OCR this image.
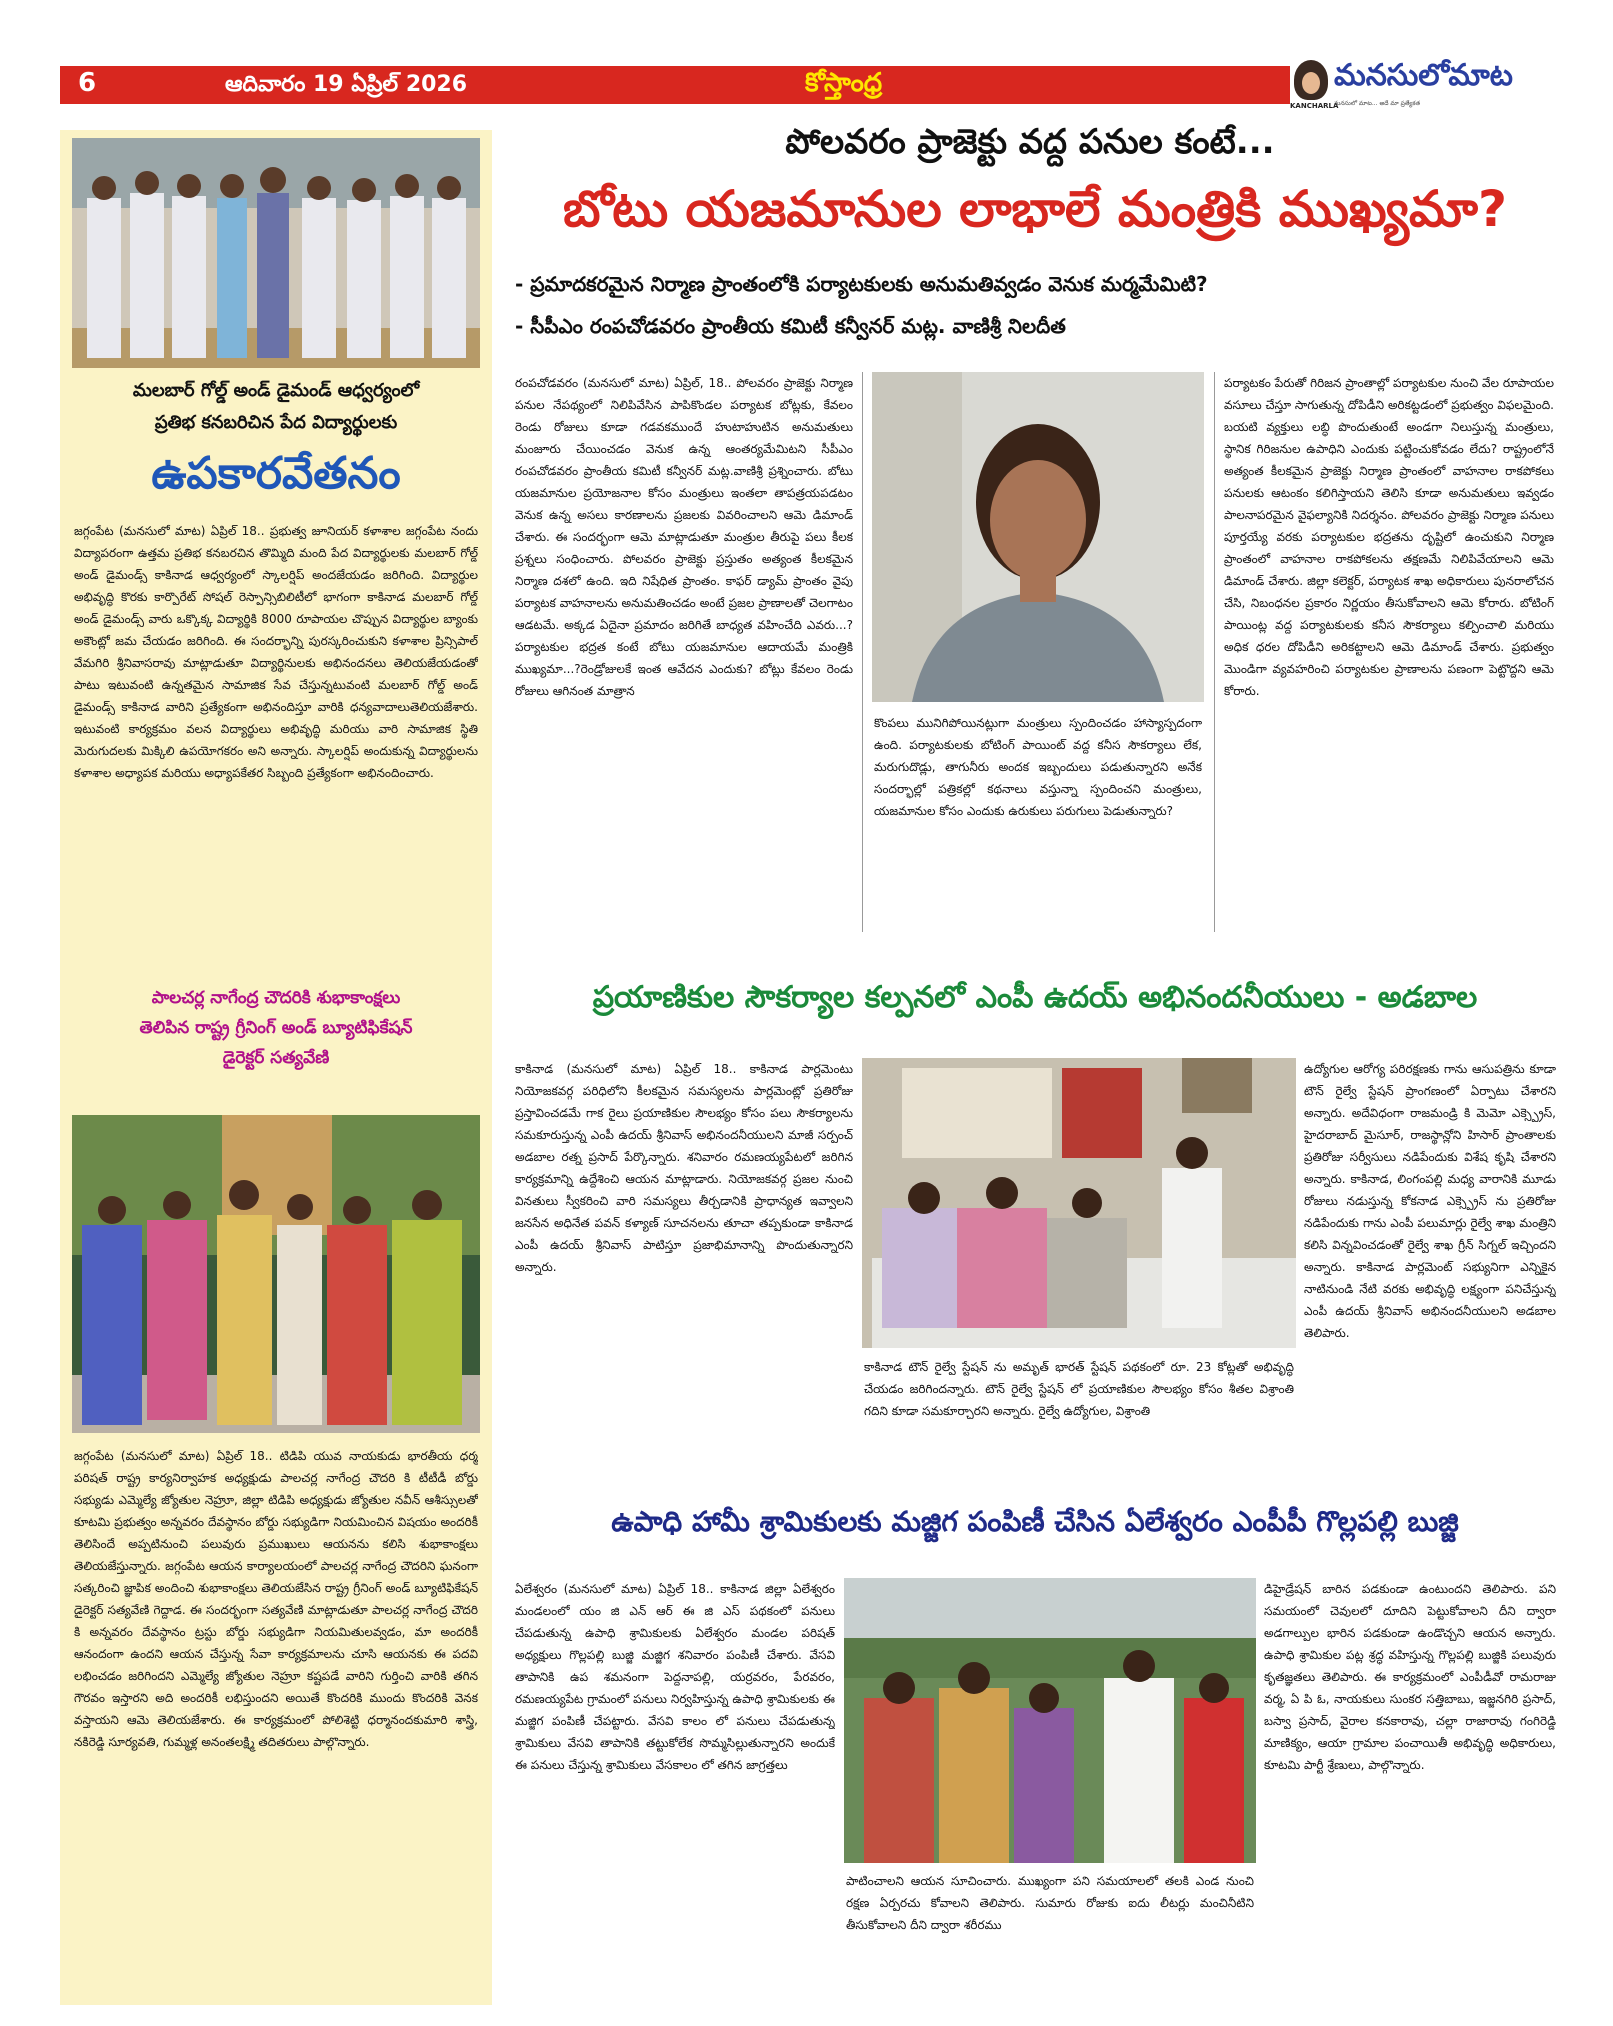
6	ఆదివారం 19 ఏప్రిల్ 2026	కోస్తాంధ్ర
KANCHARLA
మనసులోమాట
మనసులో మాట... అదే మా ప్రత్యేకత
మలబార్ గోల్డ్ అండ్ డైమండ్ ఆధ్వర్యంలో
ప్రతిభ కనబరిచిన పేద విద్యార్థులకు
ఉపకారవేతనం
జగ్గంపేట (మనసులో మాట) ఏప్రిల్ 18.. ప్రభుత్వ జూనియర్ కళాశాల జగ్గంపేట నందు విద్యాపరంగా ఉత్తమ ప్రతిభ కనబరచిన తొమ్మిది మంది పేద విద్యార్థులకు మలబార్ గోల్డ్ అండ్ డైమండ్స్ కాకినాడ ఆధ్వర్యంలో స్కాలర్షిప్ అందజేయడం జరిగింది. విద్యార్థుల అభివృద్ధి కొరకు కార్పొరేట్ సోషల్ రెస్పాన్సిబిలిటీలో భాగంగా కాకినాడ మలబార్ గోల్డ్ అండ్ డైమండ్స్ వారు ఒక్కొక్క విద్యార్థికి 8000 రూపాయల చొప్పున విద్యార్థుల బ్యాంకు అకౌంట్లో జమ చేయడం జరిగింది. ఈ సందర్భాన్ని పురస్కరించుకుని కళాశాల ప్రిన్సిపాల్ వేమగిరి శ్రీనివాసరావు మాట్లాడుతూ విద్యార్థినులకు అభినందనలు తెలియజేయడంతో పాటు ఇటువంటి ఉన్నతమైన సామాజిక సేవ చేస్తున్నటువంటి మలబార్ గోల్డ్ అండ్ డైమండ్స్ కాకినాడ వారిని ప్రత్యేకంగా అభినందిస్తూ వారికి ధన్యవాదాలుతెలియజేశారు. ఇటువంటి కార్యక్రమం వలన విద్యార్థులు అభివృద్ధి మరియు వారి సామాజిక స్థితి మెరుగుదలకు మిక్కిలి ఉపయోగకరం అని అన్నారు. స్కాలర్షిప్ అందుకున్న విద్యార్థులను కళాశాల అధ్యాపక మరియు అధ్యాపకేతర సిబ్బంది ప్రత్యేకంగా అభినందించారు.
పాలచర్ల నాగేంద్ర చౌదరికి శుభాకాంక్షలు
తెలిపిన రాష్ట్ర గ్రీనింగ్ అండ్ బ్యూటిఫికేషన్
డైరెక్టర్ సత్యవేణి
జగ్గంపేట (మనసులో మాట) ఏప్రిల్ 18.. టిడిపి యువ నాయకుడు భారతీయ ధర్మ పరిషత్ రాష్ట్ర కార్యనిర్వాహక అధ్యక్షుడు పాలచర్ల నాగేంద్ర చౌదరి కి టీటీడీ బోర్డు సభ్యుడు ఎమ్మెల్యే జ్యోతుల నెహ్రూ, జిల్లా టిడిపి అధ్యక్షుడు జ్యోతుల నవీన్ ఆశీస్సులతో కూటమి ప్రభుత్వం అన్నవరం దేవస్థానం బోర్డు సభ్యుడిగా నియమించిన విషయం అందరికీ తెలిసిందే అప్పటినుంచి పలువురు ప్రముఖులు ఆయనను కలిసి శుభాకాంక్షలు తెలియజేస్తున్నారు. జగ్గంపేట ఆయన కార్యాలయంలో పాలచర్ల నాగేంద్ర చౌదరిని ఘనంగా సత్కరించి జ్ఞాపిక అందించి శుభాకాంక్షలు తెలియజేసిన రాష్ట్ర గ్రీనింగ్ అండ్ బ్యూటిఫికేషన్ డైరెక్టర్ సత్యవేణి గెద్దాడ. ఈ సందర్భంగా సత్యవేణి మాట్లాడుతూ పాలచర్ల నాగేంద్ర చౌదరి కి అన్నవరం దేవస్థానం ట్రస్టు బోర్డు సభ్యుడిగా నియమితులవ్వడం, మా అందరికీ ఆనందంగా ఉందని ఆయన చేస్తున్న సేవా కార్యక్రమాలను చూసి ఆయనకు ఈ పదవి లభించడం జరిగిందని ఎమ్మెల్యే జ్యోతుల నెహ్రూ కష్టపడే వారిని గుర్తించి వారికి తగిన గౌరవం ఇస్తారని అది అందరికీ లభిస్తుందని అయితే కొందరికి ముందు కొందరికి వెనక వస్తాయని ఆమె తెలియజేశారు. ఈ కార్యక్రమంలో పోలిశెట్టి ధర్మానందకుమారి శాస్త్రి, నకిరెడ్డి సూర్యవతి, గుమ్మళ్ల అనంతలక్ష్మి తదితరులు పాల్గొన్నారు.
పోలవరం ప్రాజెక్టు వద్ద పనుల కంటే...
బోటు యజమానుల లాభాలే మంత్రికి ముఖ్యమా?
- ప్రమాదకరమైన నిర్మాణ ప్రాంతంలోకి పర్యాటకులకు అనుమతివ్వడం వెనుక మర్మమేమిటి?
- సీపీఎం రంపచోడవరం ప్రాంతీయ కమిటీ కన్వీనర్ మట్ల. వాణిశ్రీ నిలదీత
రంపచోడవరం (మనసులో మాట) ఏప్రిల్, 18.. పోలవరం ప్రాజెక్టు నిర్మాణ పనుల నేపథ్యంలో నిలిపివేసిన పాపికొండల పర్యాటక బోట్లకు, కేవలం రెండు రోజులు కూడా గడవకముందే హుటాహుటిన అనుమతులు మంజూరు చేయించడం వెనుక ఉన్న ఆంతర్యమేమిటని సీపీఎం రంపచోడవరం ప్రాంతీయ కమిటీ కన్వీనర్ మట్ల.వాణిశ్రీ ప్రశ్నించారు. బోటు యజమానుల ప్రయోజనాల కోసం మంత్రులు ఇంతలా తాపత్రయపడటం వెనుక ఉన్న అసలు కారణాలను ప్రజలకు వివరించాలని ఆమె డిమాండ్ చేశారు. ఈ సందర్భంగా ఆమె మాట్లాడుతూ మంత్రుల తీరుపై పలు కీలక ప్రశ్నలు సంధించారు. పోలవరం ప్రాజెక్టు ప్రస్తుతం అత్యంత కీలకమైన నిర్మాణ దశలో ఉంది. ఇది నిషేధిత ప్రాంతం. కాఫర్ డ్యామ్ ప్రాంతం వైపు పర్యాటక వాహనాలను అనుమతించడం అంటే ప్రజల ప్రాణాలతో చెలగాటం ఆడటమే. అక్కడ ఏదైనా ప్రమాదం జరిగితే బాధ్యత వహించేది ఎవరు...? పర్యాటకుల భద్రత కంటే బోటు యజమానుల ఆదాయమే మంత్రికి ముఖ్యమా...?రెండ్రోజులకే ఇంత ఆవేదన ఎందుకు? బోట్లు కేవలం రెండు రోజులు ఆగినంత మాత్రాన
కొంపలు మునిగిపోయినట్లుగా మంత్రులు స్పందించడం హాస్యాస్పదంగా ఉంది. పర్యాటకులకు బోటింగ్ పాయింట్ వద్ద కనీస సౌకర్యాలు లేక, మరుగుదొడ్లు, తాగునీరు అందక ఇబ్బందులు పడుతున్నారని అనేక సందర్భాల్లో పత్రికల్లో కథనాలు వస్తున్నా స్పందించని మంత్రులు, యజమానుల కోసం ఎందుకు ఉరుకులు పరుగులు పెడుతున్నారు?
పర్యాటకం పేరుతో గిరిజన ప్రాంతాల్లో పర్యాటకుల నుంచి వేల రూపాయల వసూలు చేస్తూ సాగుతున్న దోపిడీని అరికట్టడంలో ప్రభుత్వం విఫలమైంది. బయటి వ్యక్తులు లబ్ధి పొందుతుంటే అండగా నిలుస్తున్న మంత్రులు, స్థానిక గిరిజనుల ఉపాధిని ఎందుకు పట్టించుకోవడం లేదు? రాష్ట్రంలోనే అత్యంత కీలకమైన ప్రాజెక్టు నిర్మాణ ప్రాంతంలో వాహనాల రాకపోకలు పనులకు ఆటంకం కలిగిస్తాయని తెలిసి కూడా అనుమతులు ఇవ్వడం పాలనాపరమైన వైఫల్యానికి నిదర్శనం. పోలవరం ప్రాజెక్టు నిర్మాణ పనులు పూర్తయ్యే వరకు పర్యాటకుల భద్రతను దృష్టిలో ఉంచుకుని నిర్మాణ ప్రాంతంలో వాహనాల రాకపోకలను తక్షణమే నిలిపివేయాలని ఆమె డిమాండ్ చేశారు. జిల్లా కలెక్టర్, పర్యాటక శాఖ అధికారులు పునరాలోచన చేసి, నిబంధనల ప్రకారం నిర్ణయం తీసుకోవాలని ఆమె కోరారు. బోటింగ్ పాయింట్ల వద్ద పర్యాటకులకు కనీస సౌకర్యాలు కల్పించాలి మరియు అధిక ధరల దోపిడీని అరికట్టాలని ఆమె డిమాండ్ చేశారు. ప్రభుత్వం మొండిగా వ్యవహరించి పర్యాటకుల ప్రాణాలను పణంగా పెట్టొద్దని ఆమె కోరారు.
ప్రయాణికుల సౌకర్యాల కల్పనలో ఎంపీ ఉదయ్ అభినందనీయులు - అడబాల
కాకినాడ (మనసులో మాట) ఏప్రిల్ 18.. కాకినాడ పార్లమెంటు నియోజకవర్గ పరిధిలోని కీలకమైన సమస్యలను పార్లమెంట్లో ప్రతిరోజు ప్రస్తావించడమే గాక రైలు ప్రయాణికుల సౌలభ్యం కోసం పలు సౌకర్యాలను సమకూరుస్తున్న ఎంపీ ఉదయ్ శ్రీనివాస్ అభినందనీయులని మాజీ సర్పంచ్ అడబాల రత్న ప్రసాద్ పేర్కొన్నారు. శనివారం రమణయ్యపేటలో జరిగిన కార్యక్రమాన్ని ఉద్దేశించి ఆయన మాట్లాడారు. నియోజకవర్గ ప్రజల నుంచి వినతులు స్వీకరించి వారి సమస్యలు తీర్చడానికి ప్రాధాన్యత ఇవ్వాలని జనసేన అధినేత పవన్ కళ్యాణ్ సూచనలను తూచా తప్పకుండా కాకినాడ ఎంపీ ఉదయ్ శ్రీనివాస్ పాటిస్తూ ప్రజాభిమానాన్ని పొందుతున్నారని అన్నారు.
కాకినాడ టౌన్ రైల్వే స్టేషన్ ను అమృత్ భారత్ స్టేషన్ పథకంలో రూ. 23 కోట్లతో అభివృద్ధి చేయడం జరిగిందన్నారు. టౌన్ రైల్వే స్టేషన్ లో ప్రయాణికుల సౌలభ్యం కోసం శీతల విశ్రాంతి గదిని కూడా సమకూర్చారని అన్నారు. రైల్వే ఉద్యోగుల, విశ్రాంతి
ఉద్యోగుల ఆరోగ్య పరిరక్షణకు గాను ఆసుపత్రిను కూడా టౌన్ రైల్వే స్టేషన్ ప్రాంగణంలో ఏర్పాటు చేశారని అన్నారు. అదేవిధంగా రాజమండ్రి కి మెమో ఎక్స్ప్రెస్, హైదరాబాద్ మైసూర్, రాజస్థాన్లోని హిసార్ ప్రాంతాలకు ప్రతిరోజు సర్వీసులు నడిపేందుకు విశేష కృషి చేశారని అన్నారు. కాకినాడ, లింగంపల్లి మధ్య వారానికి మూడు రోజులు నడుస్తున్న కోకనాడ ఎక్స్ప్రెస్ ను ప్రతిరోజు నడిపేందుకు గాను ఎంపీ పలుమార్లు రైల్వే శాఖ మంత్రిని కలిసి విన్నవించడంతో రైల్వే శాఖ గ్రీన్ సిగ్నల్ ఇచ్చిందని అన్నారు. కాకినాడ పార్లమెంట్ సభ్యునిగా ఎన్నికైన నాటినుండి నేటి వరకు అభివృద్ధి లక్ష్యంగా పనిచేస్తున్న ఎంపీ ఉదయ్ శ్రీనివాస్ అభినందనీయులని అడబాల తెలిపారు.
ఉపాధి హామీ శ్రామికులకు మజ్జిగ పంపిణీ చేసిన ఏలేశ్వరం ఎంపీపీ గొల్లపల్లి బుజ్జి
ఏలేశ్వరం (మనసులో మాట) ఏప్రిల్ 18.. కాకినాడ జిల్లా ఏలేశ్వరం మండలంలో యం జి ఎన్ ఆర్ ఈ జి ఎస్ పథకంలో పనులు చేపడుతున్న ఉపాధి శ్రామికులకు ఏలేశ్వరం మండల పరిషత్ అధ్యక్షులు గొల్లపల్లి బుజ్జి మజ్జిగ శనివారం పంపిణీ చేశారు. వేసవి తాపానికి ఉప శమనంగా పెద్దనాపల్లి, యర్రవరం, పేరవరం, రమణయ్యపేట గ్రామంలో పనులు నిర్వహిస్తున్న ఉపాధి శ్రామికులకు ఈ మజ్జిగ పంపిణీ చేపట్టారు. వేసవి కాలం లో పనులు చేపడుతున్న శ్రామికులు వేసవి తాపానికి తట్టుకోలేక సొమ్మసిల్లుతున్నారని అందుకే ఈ పనులు చేస్తున్న శ్రామికులు వేసకాలం లో తగిన జాగ్రత్తలు
పాటించాలని ఆయన సూచించారు. ముఖ్యంగా పని సమయాలలో తలకి ఎండ నుంచి రక్షణ ఏర్పరచు కోవాలని తెలిపారు. సుమారు రోజుకు ఐదు లీటర్లు మంచినీటిని తీసుకోవాలని దీని ద్వారా శరీరము
డిహైడ్రేషన్ బారిన పడకుండా ఉంటుందని తెలిపారు. పని సమయంలో చెవులలో దూదిని పెట్టుకోవాలని దీని ద్వారా అడగాల్పుల భారిన పడకుండా ఉండొచ్చని ఆయన అన్నారు. ఉపాధి శ్రామికుల పట్ల శ్రద్ధ వహిస్తున్న గొల్లపల్లి బుజ్జికి పలువురు కృతజ్ఞతలు తెలిపారు. ఈ కార్యక్రమంలో ఎంపీడీవో రామరాజు వర్మ, ఏ పి ఓ, నాయకులు సుంకర సత్తిబాబు, ఇజ్జనగిరి ప్రసాద్, బస్వా ప్రసాద్, వైరాల కనకారావు, చల్లా రాజారావు గంగిరెడ్డి మాణిక్యం, ఆయా గ్రామాల పంచాయితీ అభివృద్ధి అధికారులు, కూటమి పార్టీ శ్రేణులు, పాల్గొన్నారు.
